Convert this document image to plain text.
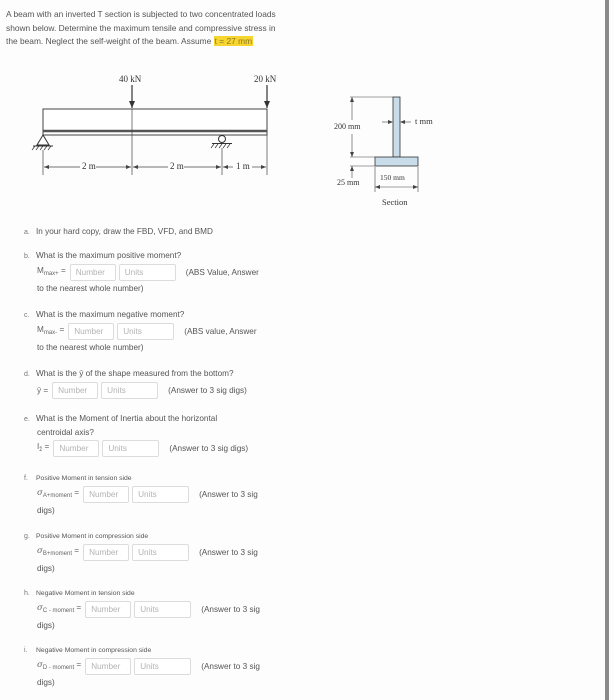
A beam with an inverted T section is subjected to two concentrated loads shown below. Determine the maximum tensile and compressive stress in the beam. Neglect the self-weight of the beam. Assume t = 27 mm
40 kN	20 kN
2 m	2 m	1 m
200 mm
t mm
25 mm
150 mm
Section
a. In your hard copy, draw the FBD, VFD, and BMD
b. What is the maximum positive moment?
$M_{max+}$ =	Number	Units	(ABS Value, Answer
to the nearest whole number)
c. What is the maximum negative moment?
$M_{max-}$ =	Number	Units	(ABS value, Answer
to the nearest whole number)
d. What is the ȳ of the shape measured from the bottom?
ȳ =	Number	Units	(Answer to 3 sig digs)
e. What is the Moment of Inertia about the horizontal
centroidal axis?
$I_{z̄}$ =	Number	Units	(Answer to 3 sig digs)
f. Positive Moment in tension side
$\sigma_{A+moment}$ =	Number	Units	(Answer to 3 sig
digs)
g. Positive Moment in compression side
$\sigma_{B+moment}$ =	Number	Units	(Answer to 3 sig
digs)
h. Negative Moment in tension side
$\sigma_{C - moment}$ =	Number	Units	(Answer to 3 sig
digs)
i. Negative Moment in compression side
$\sigma_{D - moment}$ =	Number	Units	(Answer to 3 sig
digs)
